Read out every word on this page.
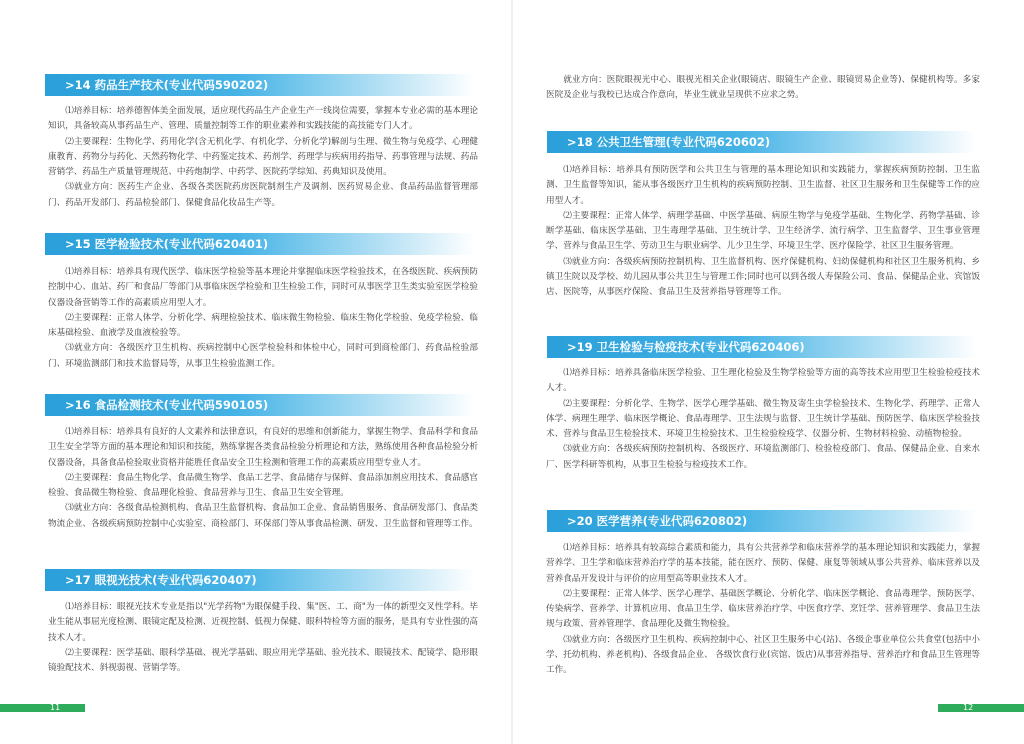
>14 药品生产技术(专业代码590202)

⑴培养目标：培养德智体美全面发展，适应现代药品生产企业生产一线岗位需要，掌握本专业必需的基本理论知识，具备较高从事药品生产、管理、质量控制等工作的职业素养和实践技能的高技能专门人才。

⑵主要课程：生物化学、药用化学(含无机化学、有机化学、分析化学)解剖与生理、微生物与免疫学、心理健康教育、药物分与药化、天然药物化学、中药鉴定技术、药剂学、药理学与疾病用药指导、药事管理与法规、药品营销学、药品生产质量管理规范、中药炮制学、中药学、医院药学综知、药典知识及使用。

⑶就业方向：医药生产企业、各级各类医院药房医院制剂生产及调剂、医药贸易企业、食品药品监督管理部门、药品开发部门、药品检验部门、保健食品化妆品生产等。

>15 医学检验技术(专业代码620401)

⑴培养目标：培养具有现代医学、临床医学检验等基本理论并掌握临床医学检验技术，在各级医院、疾病预防控制中心、血站、药厂和食品厂等部门从事临床医学检验和卫生检验工作，同时可从事医学卫生类实验室医学检验仪器设备营销等工作的高素质应用型人才。

⑵主要课程：正常人体学、分析化学、病理检验技术、临床微生物检验、临床生物化学检验、免疫学检验、临床基础检验、血液学及血液检验等。

⑶就业方向：各级医疗卫生机构、疾病控制中心医学检验科和体检中心，同时可到商检部门、药食品检验部门、环境监测部门和技术监督局等，从事卫生检验监测工作。

>16 食品检测技术(专业代码590105)

⑴培养目标：培养具有良好的人文素养和法律意识，有良好的思维和创新能力，掌握生物学、食品科学和食品卫生安全学等方面的基本理论和知识和技能，熟练掌握各类食品检验分析理论和方法，熟练使用各种食品检验分析仪器设备，具备食品检验取业资格并能胜任食品安全卫生检测和管理工作的高素质应用型专业人才。

⑵主要课程：食品生物化学、食品微生物学、食品工艺学、食品储存与保鲜、食品添加剂应用技术、食品感官检验、食品微生物检验、食品理化检验、食品营养与卫生、食品卫生安全管理。

⑶就业方向：各级食品检测机构、食品卫生监督机构、食品加工企业、食品销售服务、食品研发部门、食品类物流企业、各级疾病预防控制中心实验室、商检部门、环保部门等从事食品检测、研发、卫生监督和管理等工作。

>17 眼视光技术(专业代码620407)

⑴培养目标：眼视光技术专业是指以"光学药物"为眼保健手段、集"医、工、商"为一体的新型交叉性学科。毕业生能从事屈光度检测、眼镜定配及检测、近视控制、低视力保健、眼科特检等方面的服务，是具有专业性强的高技术人才。

⑵主要课程：医学基础、眼科学基础、视光学基础、眼应用光学基础、验光技术、眼镜技术、配镜学、隐形眼镜验配技术、斜视弱视、营销学等。

11

就业方向：医院眼视光中心、眼视光相关企业(眼镜店、眼镜生产企业、眼镜贸易企业等)、保健机构等。多家医院及企业与我校已达成合作意向，毕业生就业呈现供不应求之势。

>18 公共卫生管理(专业代码620602)

⑴培养目标：培养具有预防医学和公共卫生与管理的基本理论知识和实践能力，掌握疾病预防控制、卫生监测、卫生监督等知识，能从事各级医疗卫生机构的疾病预防控制、卫生监督、社区卫生服务和卫生保健等工作的应用型人才。

⑵主要课程：正常人体学、病理学基础、中医学基础、病原生物学与免疫学基础、生物化学、药物学基础、诊断学基础、临床医学基础、卫生毒理学基础、卫生统计学、卫生经济学、流行病学、卫生监督学、卫生事业管理学、营养与食品卫生学、劳动卫生与职业病学、儿少卫生学、环境卫生学、医疗保险学、社区卫生服务管理。

⑶就业方向：各级疾病预防控制机构、卫生监督机构、医疗保健机构、妇幼保健机构和社区卫生服务机构、乡镇卫生院以及学校、幼儿园从事公共卫生与管理工作;同时也可以到各级人寿保险公司、食品、保健品企业、宾馆饭店、医院等，从事医疗保险、食品卫生及营养指导管理等工作。

>19 卫生检验与检疫技术(专业代码620406)

⑴培养目标：培养具备临床医学检验、卫生理化检验及生物学检验等方面的高等技术应用型卫生检验检疫技术人才。

⑵主要课程：分析化学、生物学、医学心理学基础、微生物及寄生虫学检验技术、生物化学、药理学、正常人体学、病理生理学、临床医学概论、食品毒理学、卫生法规与监督、卫生统计学基础、预防医学、临床医学检验技术、营养与食品卫生检验技术、环境卫生检验技术、卫生检验检疫学、仪器分析、生物材料检验、动植物检验。

⑶就业方向：各级疾病预防控制机构、各级医疗、环境监测部门、检验检疫部门、食品、保健品企业、自来水厂、医学科研等机构，从事卫生检验与检疫技术工作。

>20 医学营养(专业代码620802)

⑴培养目标：培养具有较高综合素质和能力，具有公共营养学和临床营养学的基本理论知识和实践能力，掌握营养学、卫生学和临床营养治疗学的基本技能，能在医疗、预防、保健、康复等领域从事公共营养、临床营养以及营养食品开发设计与评价的应用型高等职业技术人才。

⑵主要课程：正常人体学、医学心理学、基础医学概论、分析化学、临床医学概论、食品毒理学、预防医学、传染病学、营养学、计算机应用、食品卫生学、临床营养治疗学、中医食疗学、烹饪学、营养管理学、食品卫生法规与政策、营养管理学、食品理化及微生物检验。

⑶就业方向：各级医疗卫生机构、疾病控制中心、社区卫生服务中心(站)、各级企事业单位公共食堂(包括中小学、托幼机构、养老机构)、各级食品企业、 各级饮食行业(宾馆、饭店)从事营养指导、营养治疗和食品卫生管理等工作。

12
